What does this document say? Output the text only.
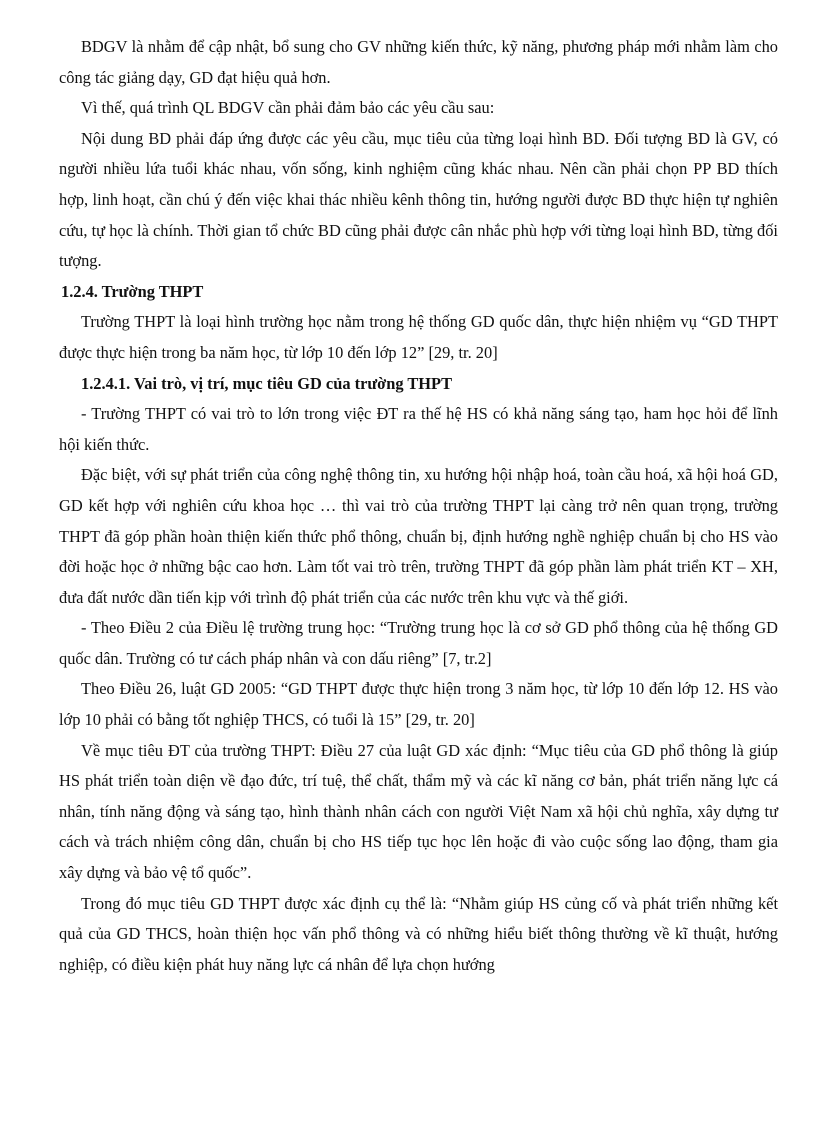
BDGV là nhằm để cập nhật, bổ sung cho GV những kiến thức, kỹ năng, phương pháp mới nhằm làm cho công tác giảng dạy, GD đạt hiệu quả hơn.

Vì thế, quá trình QL BDGV cần phải đảm bảo các yêu cầu sau:

Nội dung BD phải đáp ứng được các yêu cầu, mục tiêu của từng loại hình BD. Đối tượng BD là GV, có người nhiều lứa tuổi khác nhau, vốn sống, kinh nghiệm cũng khác nhau. Nên cần phải chọn PP BD thích hợp, linh hoạt, cần chú ý đến việc khai thác nhiều kênh thông tin, hướng người được BD thực hiện tự nghiên cứu, tự học là chính. Thời gian tổ chức BD cũng phải được cân nhắc phù hợp với từng loại hình BD, từng đối tượng.

1.2.4. Trường THPT

Trường THPT là loại hình trường học nằm trong hệ thống GD quốc dân, thực hiện nhiệm vụ “GD THPT được thực hiện trong ba năm học, từ lớp 10 đến lớp 12” [29, tr. 20]

1.2.4.1. Vai trò, vị trí, mục tiêu GD của trường THPT

- Trường THPT có vai trò to lớn trong việc ĐT ra thế hệ HS có khả năng sáng tạo, ham học hỏi để lĩnh hội kiến thức.

Đặc biệt, với sự phát triển của công nghệ thông tin, xu hướng hội nhập hoá, toàn cầu hoá, xã hội hoá GD, GD kết hợp với nghiên cứu khoa học … thì vai trò của trường THPT lại càng trở nên quan trọng, trường THPT đã góp phần hoàn thiện kiến thức phổ thông, chuẩn bị, định hướng nghề nghiệp chuẩn bị cho HS vào đời hoặc học ở những bậc cao hơn. Làm tốt vai trò trên, trường THPT đã góp phần làm phát triển KT – XH, đưa đất nước dần tiến kịp với trình độ phát triển của các nước trên khu vực và thế giới.

- Theo Điều 2 của Điều lệ trường trung học: “Trường trung học là cơ sở GD phổ thông của hệ thống GD quốc dân. Trường có tư cách pháp nhân và con dấu riêng” [7, tr.2]

Theo Điều 26, luật GD 2005: “GD THPT được thực hiện trong 3 năm học, từ lớp 10 đến lớp 12. HS vào lớp 10 phải có bằng tốt nghiệp THCS, có tuổi là 15” [29, tr. 20]

Về mục tiêu ĐT của trường THPT: Điều 27 của luật GD xác định: “Mục tiêu của GD phổ thông là giúp HS phát triển toàn diện về đạo đức, trí tuệ, thể chất, thẩm mỹ và các kĩ năng cơ bản, phát triển năng lực cá nhân, tính năng động và sáng tạo, hình thành nhân cách con người Việt Nam xã hội chủ nghĩa, xây dựng tư cách và trách nhiệm công dân, chuẩn bị cho HS tiếp tục học lên hoặc đi vào cuộc sống lao động, tham gia xây dựng và bảo vệ tổ quốc”.

Trong đó mục tiêu GD THPT được xác định cụ thể là: “Nhằm giúp HS củng cố và phát triển những kết quả của GD THCS, hoàn thiện học vấn phổ thông và có những hiểu biết thông thường về kĩ thuật, hướng nghiệp, có điều kiện phát huy năng lực cá nhân để lựa chọn hướng
